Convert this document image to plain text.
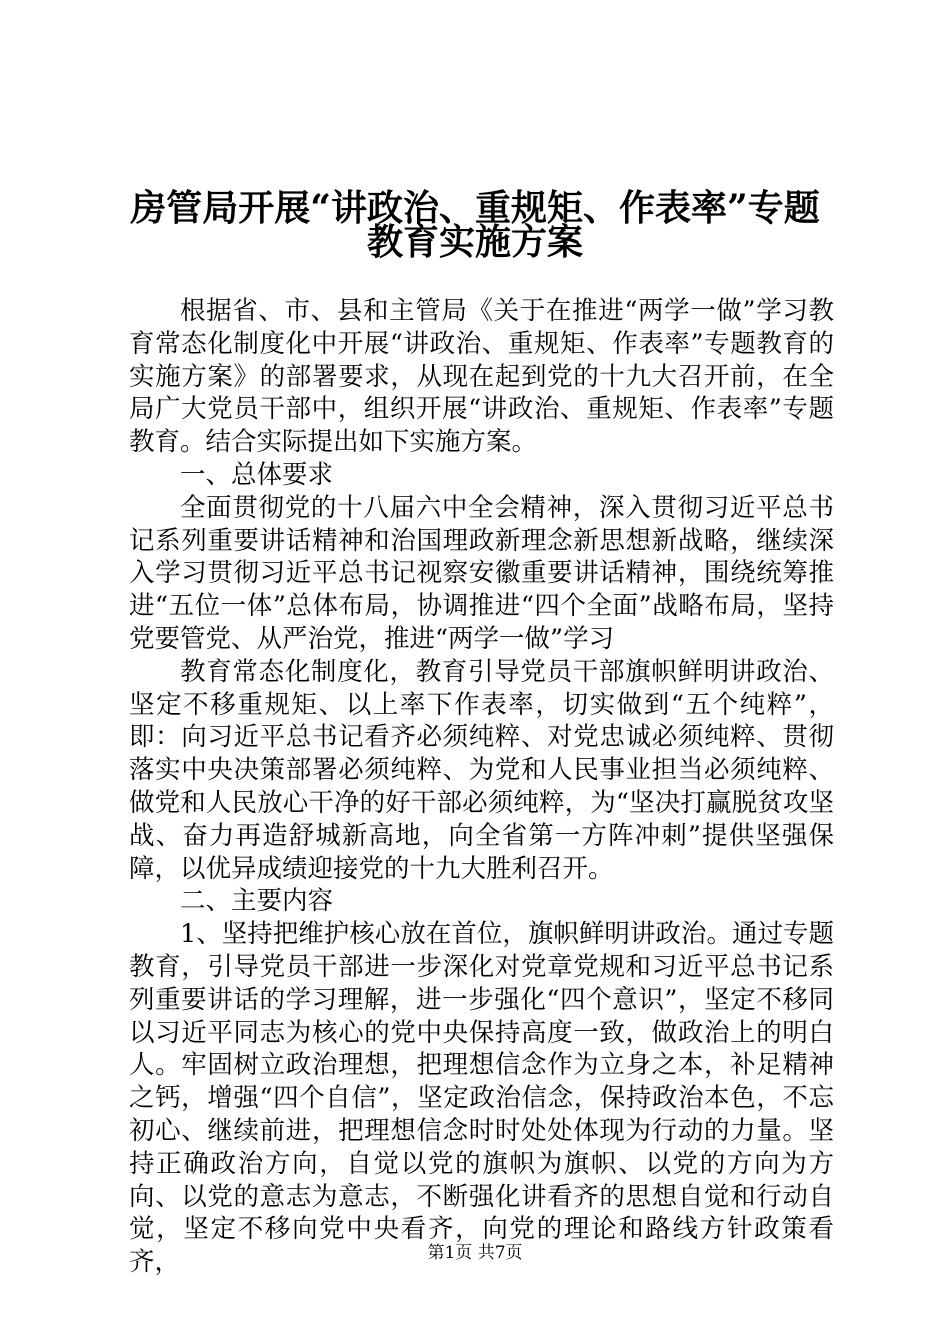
房管局开展“讲政治、重规矩、作表率”专题
教育实施方案

根据省、市、县和主管局《关于在推进“两学一做”学习教育常态化制度化中开展“讲政治、重规矩、作表率”专题教育的实施方案》的部署要求，从现在起到党的十九大召开前，在全局广大党员干部中，组织开展“讲政治、重规矩、作表率”专题教育。结合实际提出如下实施方案。

一、总体要求

全面贯彻党的十八届六中全会精神，深入贯彻习近平总书记系列重要讲话精神和治国理政新理念新思想新战略，继续深入学习贯彻习近平总书记视察安徽重要讲话精神，围绕统筹推进“五位一体”总体布局，协调推进“四个全面”战略布局，坚持党要管党、从严治党，推进“两学一做”学习

教育常态化制度化，教育引导党员干部旗帜鲜明讲政治、坚定不移重规矩、以上率下作表率，切实做到“五个纯粹”，即：向习近平总书记看齐必须纯粹、对党忠诚必须纯粹、贯彻落实中央决策部署必须纯粹、为党和人民事业担当必须纯粹、做党和人民放心干净的好干部必须纯粹，为“坚决打赢脱贫攻坚战、奋力再造舒城新高地，向全省第一方阵冲刺”提供坚强保障，以优异成绩迎接党的十九大胜利召开。

二、主要内容

1、坚持把维护核心放在首位，旗帜鲜明讲政治。通过专题教育，引导党员干部进一步深化对党章党规和习近平总书记系列重要讲话的学习理解，进一步强化“四个意识”，坚定不移同以习近平同志为核心的党中央保持高度一致，做政治上的明白人。牢固树立政治理想，把理想信念作为立身之本，补足精神之钙，增强“四个自信”，坚定政治信念，保持政治本色，不忘初心、继续前进，把理想信念时时处处体现为行动的力量。坚持正确政治方向，自觉以党的旗帜为旗帜、以党的方向为方向、以党的意志为意志，不断强化讲看齐的思想自觉和行动自觉，坚定不移向党中央看齐，向党的理论和路线方针政策看齐，	第1页 共7页
